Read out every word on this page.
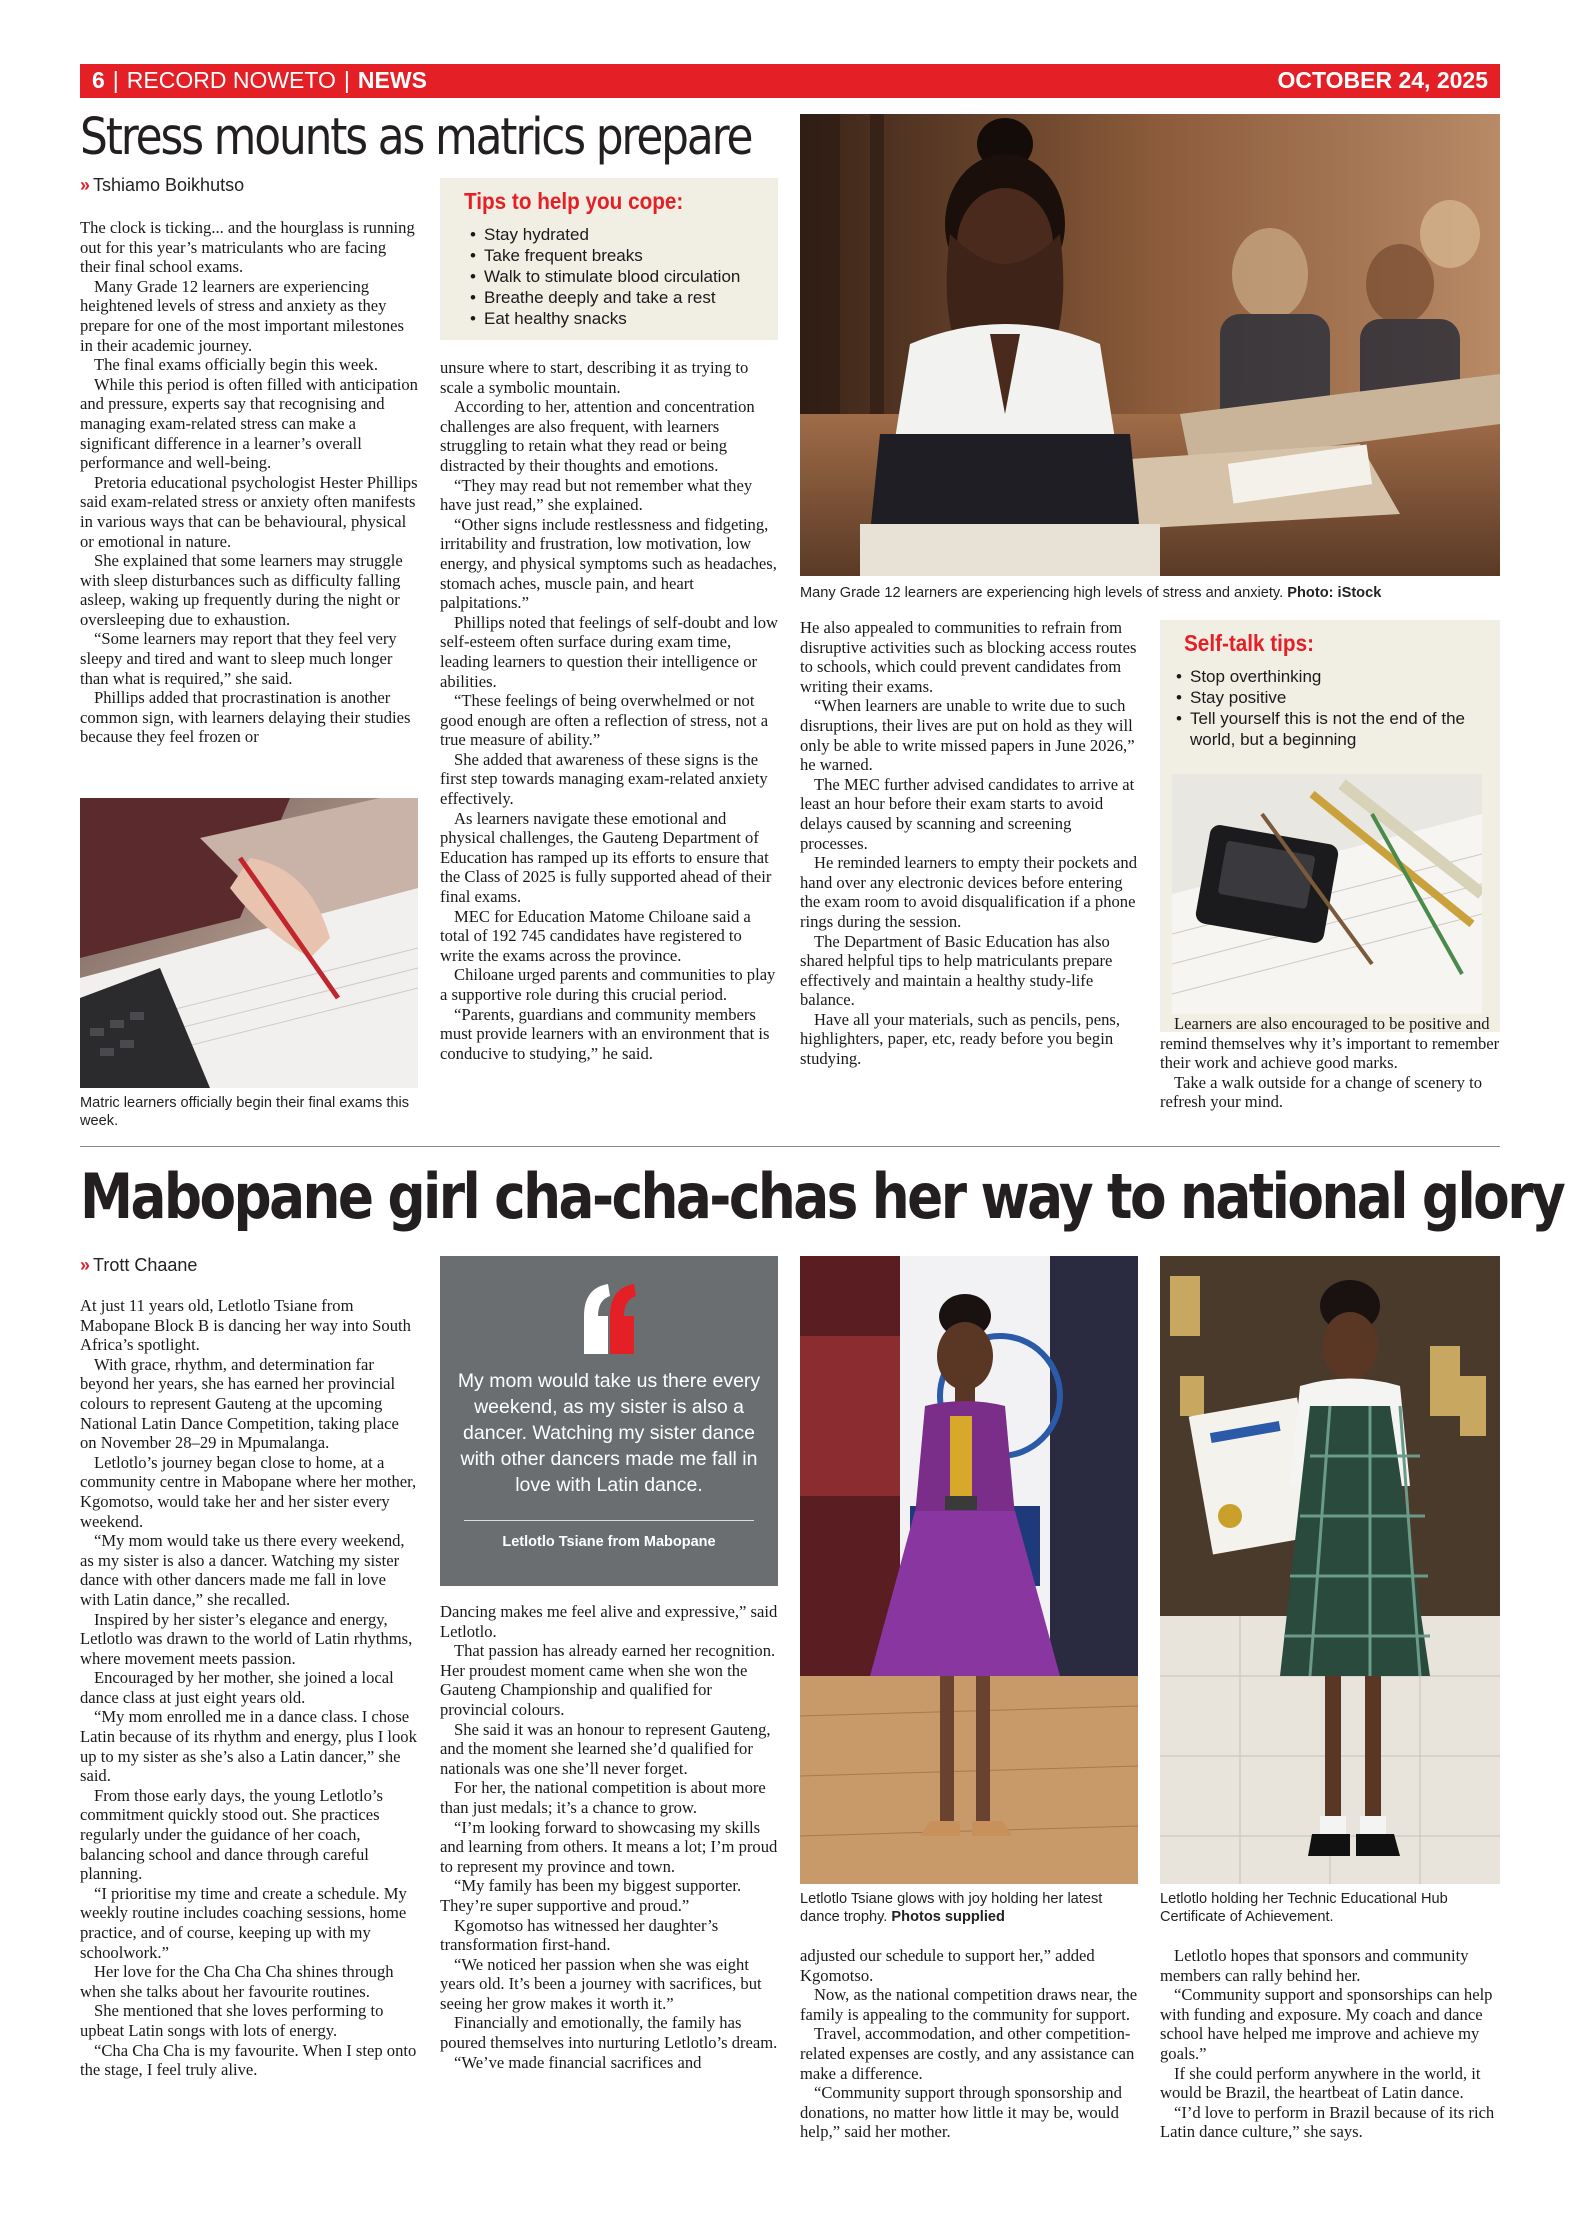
6 | RECORD NOWETO | NEWS	OCTOBER 24, 2025
Stress mounts as matrics prepare
» Tshiamo Boikhutso

The clock is ticking... and the hourglass is running out for this year’s matriculants who are facing their final school exams.

Many Grade 12 learners are experiencing heightened levels of stress and anxiety as they prepare for one of the most important milestones in their academic journey.

The final exams officially begin this week.

While this period is often filled with anticipation and pressure, experts say that recognising and managing exam-related stress can make a significant difference in a learner’s overall performance and well-being.

Pretoria educational psychologist Hester Phillips said exam-related stress or anxiety often manifests in various ways that can be behavioural, physical or emotional in nature.

She explained that some learners may struggle with sleep disturbances such as difficulty falling asleep, waking up frequently during the night or oversleeping due to exhaustion.

“Some learners may report that they feel very sleepy and tired and want to sleep much longer than what is required,” she said.

Phillips added that procrastination is another common sign, with learners delaying their studies because they feel frozen or

Matric learners officially begin their final exams this week.
Tips to help you cope:
• Stay hydrated
• Take frequent breaks
• Walk to stimulate blood circulation
• Breathe deeply and take a rest
• Eat healthy snacks

unsure where to start, describing it as trying to scale a symbolic mountain.

According to her, attention and concentration challenges are also frequent, with learners struggling to retain what they read or being distracted by their thoughts and emotions.

“They may read but not remember what they have just read,” she explained.

“Other signs include restlessness and fidgeting, irritability and frustration, low motivation, low energy, and physical symptoms such as headaches, stomach aches, muscle pain, and heart palpitations.”

Phillips noted that feelings of self-doubt and low self-esteem often surface during exam time, leading learners to question their intelligence or abilities.

“These feelings of being overwhelmed or not good enough are often a reflection of stress, not a true measure of ability.”

She added that awareness of these signs is the first step towards managing exam-related anxiety effectively.

As learners navigate these emotional and physical challenges, the Gauteng Department of Education has ramped up its efforts to ensure that the Class of 2025 is fully supported ahead of their final exams.

MEC for Education Matome Chiloane said a total of 192 745 candidates have registered to write the exams across the province.

Chiloane urged parents and communities to play a supportive role during this crucial period.

“Parents, guardians and community members must provide learners with an environment that is conducive to studying,” he said.

Many Grade 12 learners are experiencing high levels of stress and anxiety. Photo: iStock

He also appealed to communities to refrain from disruptive activities such as blocking access routes to schools, which could prevent candidates from writing their exams.

“When learners are unable to write due to such disruptions, their lives are put on hold as they will only be able to write missed papers in June 2026,” he warned.

The MEC further advised candidates to arrive at least an hour before their exam starts to avoid delays caused by scanning and screening processes.

He reminded learners to empty their pockets and hand over any electronic devices before entering the exam room to avoid disqualification if a phone rings during the session.

The Department of Basic Education has also shared helpful tips to help matriculants prepare effectively and maintain a healthy study-life balance.

Have all your materials, such as pencils, pens, highlighters, paper, etc, ready before you begin studying.

Self-talk tips:
• Stop overthinking
• Stay positive
• Tell yourself this is not the end of the world, but a beginning

Learners are also encouraged to be positive and remind themselves why it’s important to remember their work and achieve good marks.

Take a walk outside for a change of scenery to refresh your mind.

Mabopane girl cha-cha-chas her way to national glory
» Trott Chaane

At just 11 years old, Letlotlo Tsiane from Mabopane Block B is dancing her way into South Africa’s spotlight.

With grace, rhythm, and determination far beyond her years, she has earned her provincial colours to represent Gauteng at the upcoming National Latin Dance Competition, taking place on November 28–29 in Mpumalanga.

Letlotlo’s journey began close to home, at a community centre in Mabopane where her mother, Kgomotso, would take her and her sister every weekend.

“My mom would take us there every weekend, as my sister is also a dancer. Watching my sister dance with other dancers made me fall in love with Latin dance,” she recalled.

Inspired by her sister’s elegance and energy, Letlotlo was drawn to the world of Latin rhythms, where movement meets passion.

Encouraged by her mother, she joined a local dance class at just eight years old.

“My mom enrolled me in a dance class. I chose Latin because of its rhythm and energy, plus I look up to my sister as she’s also a Latin dancer,” she said.

From those early days, the young Letlotlo’s commitment quickly stood out. She practices regularly under the guidance of her coach, balancing school and dance through careful planning.

“I prioritise my time and create a schedule. My weekly routine includes coaching sessions, home practice, and of course, keeping up with my schoolwork.”

Her love for the Cha Cha Cha shines through when she talks about her favourite routines.

She mentioned that she loves performing to upbeat Latin songs with lots of energy.

“Cha Cha Cha is my favourite. When I step onto the stage, I feel truly alive.

My mom would take us there every weekend, as my sister is also a dancer. Watching my sister dance with other dancers made me fall in love with Latin dance.
Letlotlo Tsiane from Mabopane

Dancing makes me feel alive and expressive,” said Letlotlo.

That passion has already earned her recognition. Her proudest moment came when she won the Gauteng Championship and qualified for provincial colours.

She said it was an honour to represent Gauteng, and the moment she learned she’d qualified for nationals was one she’ll never forget.

For her, the national competition is about more than just medals; it’s a chance to grow.

“I’m looking forward to showcasing my skills and learning from others. It means a lot; I’m proud to represent my province and town.

“My family has been my biggest supporter. They’re super supportive and proud.”

Kgomotso has witnessed her daughter’s transformation first-hand.

“We noticed her passion when she was eight years old. It’s been a journey with sacrifices, but seeing her grow makes it worth it.”

Financially and emotionally, the family has poured themselves into nurturing Letlotlo’s dream.

“We’ve made financial sacrifices and

Letlotlo Tsiane glows with joy holding her latest dance trophy. Photos supplied

adjusted our schedule to support her,” added Kgomotso.

Now, as the national competition draws near, the family is appealing to the community for support.

Travel, accommodation, and other competition-related expenses are costly, and any assistance can make a difference.

“Community support through sponsorship and donations, no matter how little it may be, would help,” said her mother.

Letlotlo holding her Technic Educational Hub Certificate of Achievement.

Letlotlo hopes that sponsors and community members can rally behind her.

“Community support and sponsorships can help with funding and exposure. My coach and dance school have helped me improve and achieve my goals.”

If she could perform anywhere in the world, it would be Brazil, the heartbeat of Latin dance.

“I’d love to perform in Brazil because of its rich Latin dance culture,” she says.
